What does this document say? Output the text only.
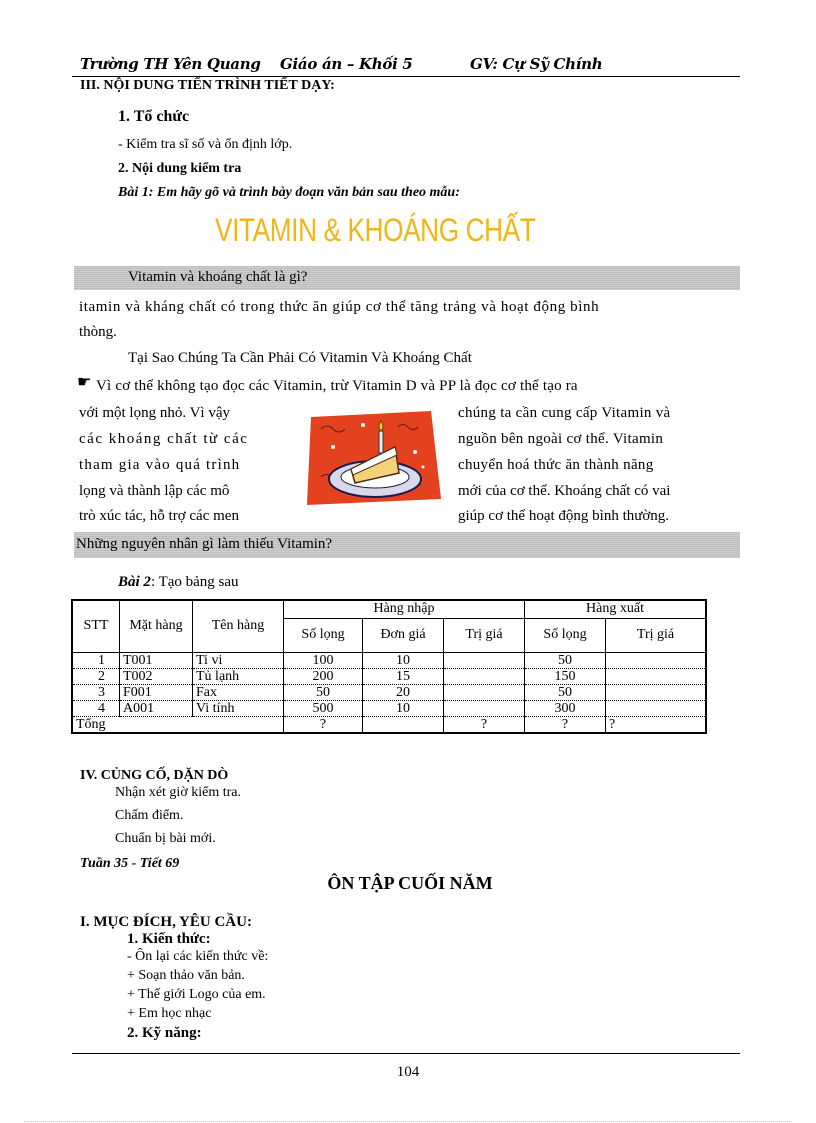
Trường TH Yên Quang Giáo án – Khối 5	GV: Cự Sỹ Chính
III. NỘI DUNG TIẾN TRÌNH TIẾT DẠY:
1. Tổ chức
- Kiểm tra sĩ số và ổn định lớp.
2. Nội dung kiểm tra
Bài 1: Em hãy gõ và trình bày đoạn văn bản sau theo mẫu:
VITAMIN & KHOÁNG CHẤT
Vitamin và khoáng chất là gì?
itamin và kháng chất có trong thức ăn giúp cơ thể tăng trảng và hoạt động bình
thòng.
Tại Sao Chúng Ta Cần Phải Có Vitamin Và Khoáng Chất
☛ Vì cơ thể không tạo đọc các Vitamin, trừ Vitamin D và PP là đọc cơ thể tạo ra
với một lọng nhỏ. Vì vậy
các khoáng chất từ các
tham gia vào quá trình
lọng và thành lập các mô
trò xúc tác, hỗ trợ các men
chúng ta cần cung cấp Vitamin và
nguồn bên ngoài cơ thể. Vitamin
chuyển hoá thức ăn thành năng
mới của cơ thể. Khoáng chất có vai
giúp cơ thể hoạt động bình thường.
Những nguyên nhân gì làm thiếu Vitamin?
Bài 2: Tạo bảng sau
STT	Mặt hàng	Tên hàng	Hàng nhập			Hàng xuất	
			Số lọng	Đơn giá	Trị giá	Số lọng	Trị giá
1	T001	Ti vi	100	10		50	
2	T002	Tủ lạnh	200	15		150	
3	F001	Fax	50	20		50	
4	A001	Vi tính	500	10		300	
Tổng			?		?	?	?
IV. CỦNG CỐ, DẶN DÒ
Nhận xét giờ kiểm tra.
Chấm điểm.
Chuẩn bị bài mới.
Tuần 35 - Tiết 69
ÔN TẬP CUỐI NĂM
I. MỤC ĐÍCH, YÊU CẦU:
1. Kiến thức:
- Ôn lại các kiến thức về:
+ Soạn thảo văn bản.
+ Thế giới Logo của em.
+ Em học nhạc
2. Kỹ năng:
104
